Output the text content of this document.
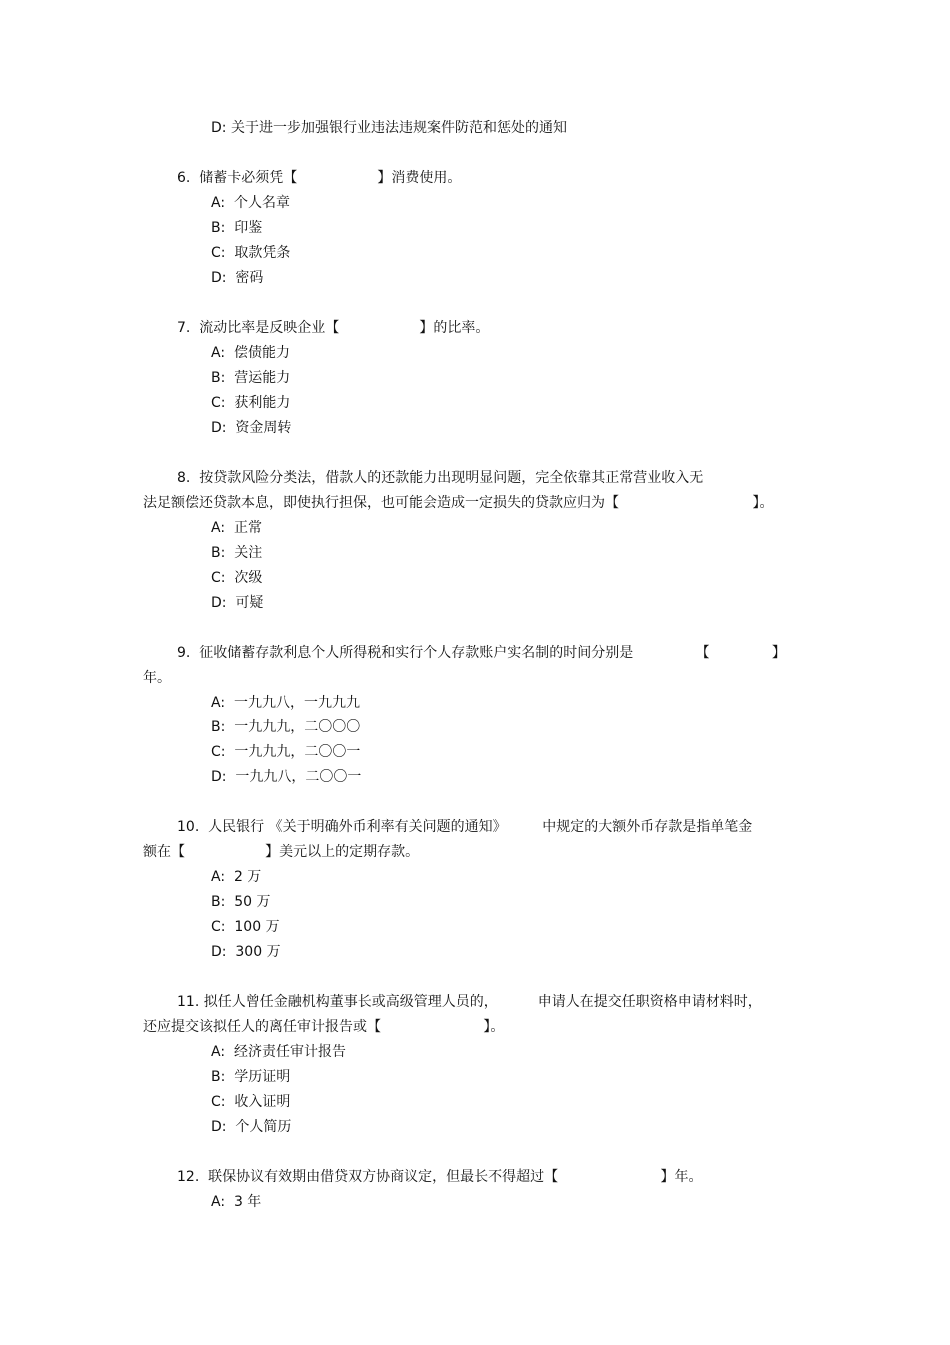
D: 关于进一步加强银行业违法违规案件防范和惩处的通知
6.  储蓄卡必须凭【                  】消费使用。
A:  个人名章
B:  印鉴
C:  取款凭条
D:  密码
7.  流动比率是反映企业【                  】的比率。
A:  偿债能力
B:  营运能力
C:  获利能力
D:  资金周转
8.  按贷款风险分类法，借款人的还款能力出现明显问题，完全依靠其正常营业收入无
法足额偿还贷款本息，即使执行担保，也可能会造成一定损失的贷款应归为【                              】。
A:  正常
B:  关注
C:  次级
D:  可疑
9.  征收储蓄存款利息个人所得税和实行个人存款账户实名制的时间分别是              【              】
年。
A:  一九九八，一九九九
B:  一九九九，二〇〇〇
C:  一九九九，二〇〇一
D:  一九九八，二〇〇一
10.  人民银行 《关于明确外币利率有关问题的通知》        中规定的大额外币存款是指单笔金
额在【                  】美元以上的定期存款。
A:  2 万
B:  50 万
C:  100 万
D:  300 万
11. 拟任人曾任金融机构董事长或高级管理人员的，         申请人在提交任职资格申请材料时，
还应提交该拟任人的离任审计报告或【                       】。
A:  经济责任审计报告
B:  学历证明
C:  收入证明
D:  个人简历
12.  联保协议有效期由借贷双方协商议定，但最长不得超过【                       】年。
A:  3 年
